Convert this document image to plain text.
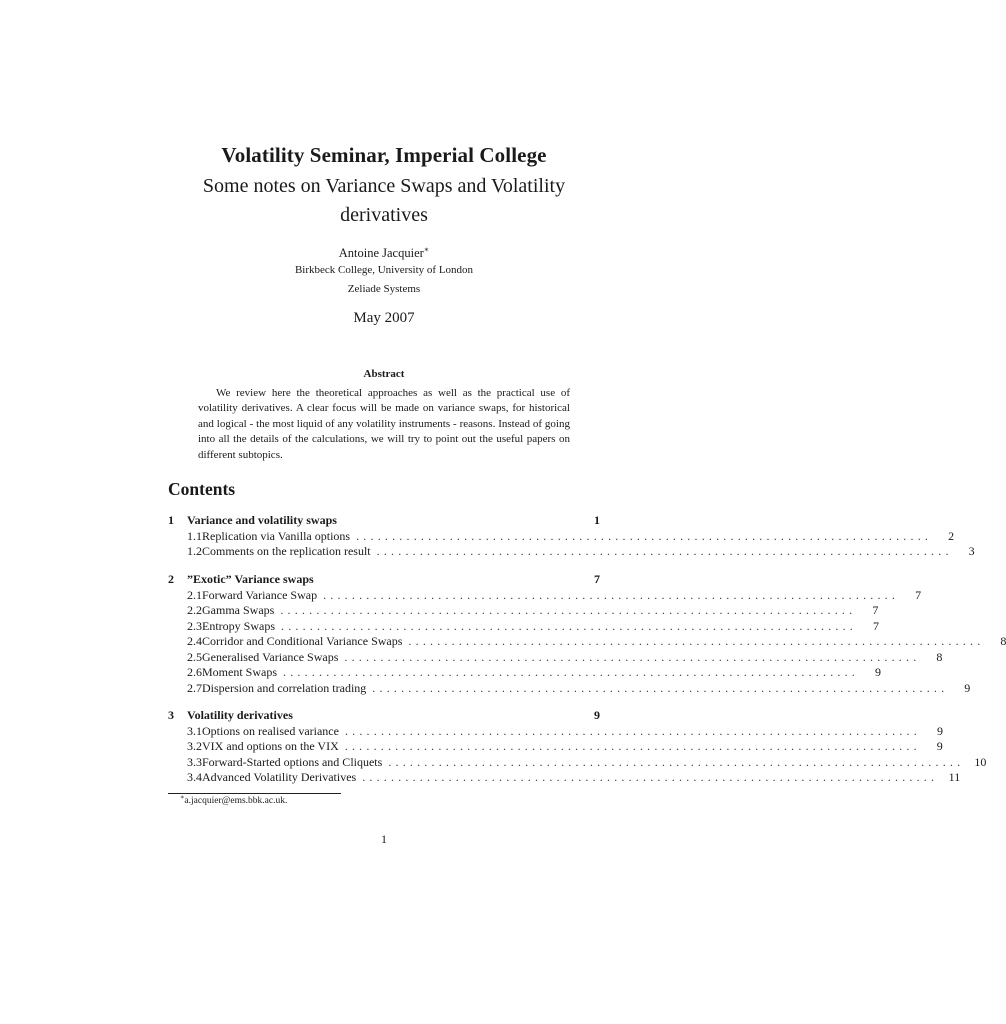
Volatility Seminar, Imperial College
Some notes on Variance Swaps and Volatility derivatives
Antoine Jacquier∗
Birkbeck College, University of London
Zeliade Systems
May 2007
Abstract
We review here the theoretical approaches as well as the practical use of volatility derivatives. A clear focus will be made on variance swaps, for historical and logical - the most liquid of any volatility instruments - reasons. Instead of going into all the details of the calculations, we will try to point out the useful papers on different subtopics.
Contents
1	Variance and volatility swaps	1
1.1 Replication via Vanilla options ................................................................................	2
1.2 Comments on the replication result ................................................................................	3
2	”Exotic” Variance swaps	7
2.1 Forward Variance Swap ................................................................................	7
2.2 Gamma Swaps ................................................................................	7
2.3 Entropy Swaps ................................................................................	7
2.4 Corridor and Conditional Variance Swaps ................................................................................	8
2.5 Generalised Variance Swaps ................................................................................	8
2.6 Moment Swaps ................................................................................	9
2.7 Dispersion and correlation trading ................................................................................	9
3	Volatility derivatives	9
3.1 Options on realised variance ................................................................................	9
3.2 VIX and options on the VIX ................................................................................	9
3.3 Forward-Started options and Cliquets ................................................................................ 10
3.4 Advanced Volatility Derivatives ................................................................................ 11
∗a.jacquier@ems.bbk.ac.uk.
1
